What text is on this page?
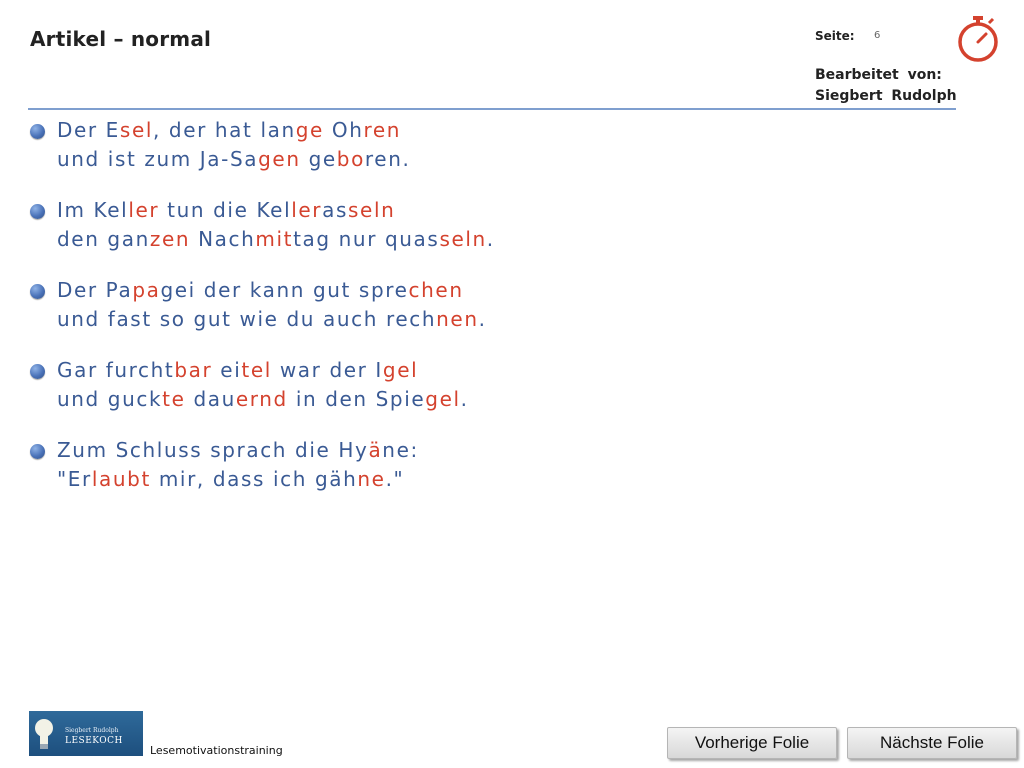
Artikel – normal	Seite: 6
Bearbeitet von:
Siegbert Rudolph
Der Esel, der hat lange Ohren
und ist zum Ja-Sagen geboren.
Im Keller tun die Kellerasseln
den ganzen Nachmittag nur quasseln.
Der Papagei der kann gut sprechen
und fast so gut wie du auch rechnen.
Gar furchtbar eitel war der Igel
und guckte dauernd in den Spiegel.
Zum Schluss sprach die Hyäne:
"Erlaubt mir, dass ich gähne."
Siegbert Rudolph
LESEKOCH
Lesemotivationstraining	Vorherige Folie	Nächste Folie
